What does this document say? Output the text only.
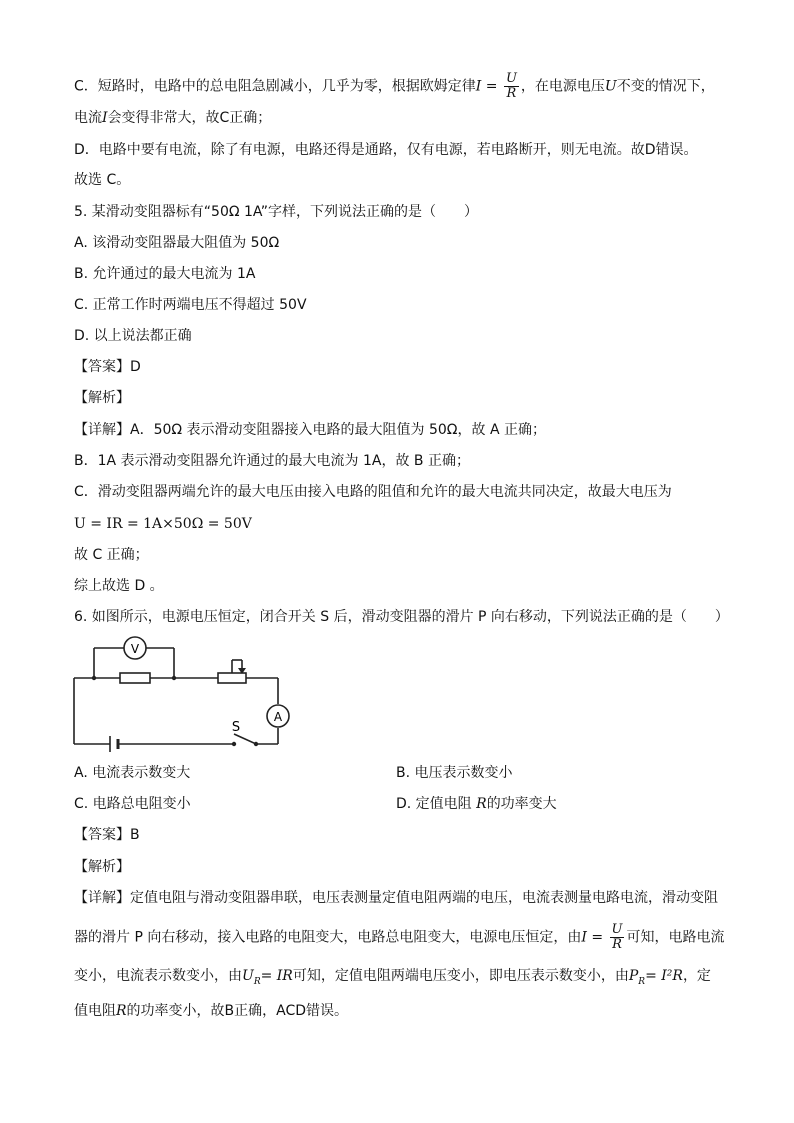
C．短路时，电路中的总电阻急剧减小，几乎为零，根据欧姆定律$I = \frac{U}{R}$ ，在电源电压U不变的情况下，
电流I会变得非常大，故C正确；
D．电路中要有电流，除了有电源，电路还得是通路，仅有电源，若电路断开，则无电流。故D错误。
故选 C。
5. 某滑动变阻器标有“50Ω 1A”字样，下列说法正确的是（　　）
A. 该滑动变阻器最大阻值为 50Ω
B. 允许通过的最大电流为 1A
C. 正常工作时两端电压不得超过 50V
D. 以上说法都正确
【答案】D
【解析】
【详解】A．50Ω 表示滑动变阻器接入电路的最大阻值为 50Ω，故 A 正确；
B．1A 表示滑动变阻器允许通过的最大电流为 1A，故 B 正确；
C．滑动变阻器两端允许的最大电压由接入电路的阻值和允许的最大电流共同决定，故最大电压为
U = IR = 1A×50Ω = 50V
故 C 正确；
综上故选 D 。
6. 如图所示，电源电压恒定，闭合开关 S 后，滑动变阻器的滑片 P 向右移动，下列说法正确的是（　　）
V
A
S
A. 电流表示数变大	B. 电压表示数变小
C. 电路总电阻变小	D. 定值电阻 R的功率变大
【答案】B
【解析】
【详解】定值电阻与滑动变阻器串联，电压表测量定值电阻两端的电压，电流表测量电路电流，滑动变阻
器的滑片 P 向右移动，接入电路的电阻变大，电路总电阻变大，电源电压恒定，由$I = \frac{U}{R}$ 可知，电路电流
变小，电流表示数变小，由$U_R=$ IR可知，定值电阻两端电压变小，即电压表示数变小，由$P_R= I^2R$，定
值电阻R的功率变小，故B正确，ACD错误。
